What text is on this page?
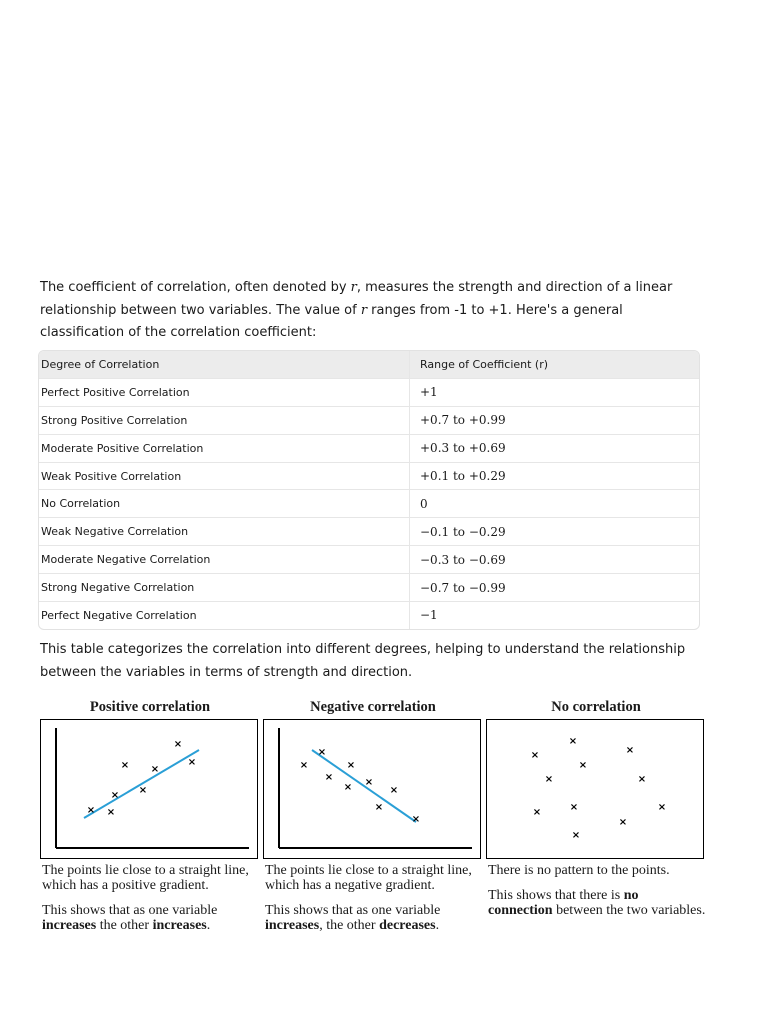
The coefficient of correlation, often denoted by r, measures the strength and direction of a linear relationship between two variables. The value of r ranges from -1 to +1. Here's a general classification of the correlation coefficient:
Degree of Correlation	Range of Coefficient (r)
Perfect Positive Correlation	+1
Strong Positive Correlation	+0.7 to +0.99
Moderate Positive Correlation	+0.3 to +0.69
Weak Positive Correlation	+0.1 to +0.29
No Correlation	0
Weak Negative Correlation	−0.1 to −0.29
Moderate Negative Correlation	−0.3 to −0.69
Strong Negative Correlation	−0.7 to −0.99
Perfect Negative Correlation	−1
This table categorizes the correlation into different degrees, helping to understand the relationship between the variables in terms of strength and direction.
Positive correlation
×
× ×
×
×
×
× ×
The points lie close to a straight line, which has a positive gradient.
This shows that as one variable increases the other increases.
Negative correlation
×
×	×
×	×
×	×
×
×
The points lie close to a straight line, which has a negative gradient.
This shows that as one variable increases, the other decreases.
No correlation
×
×
×
×
×	×
×	×
×
×
×
There is no pattern to the points.
This shows that there is no connection between the two variables.
